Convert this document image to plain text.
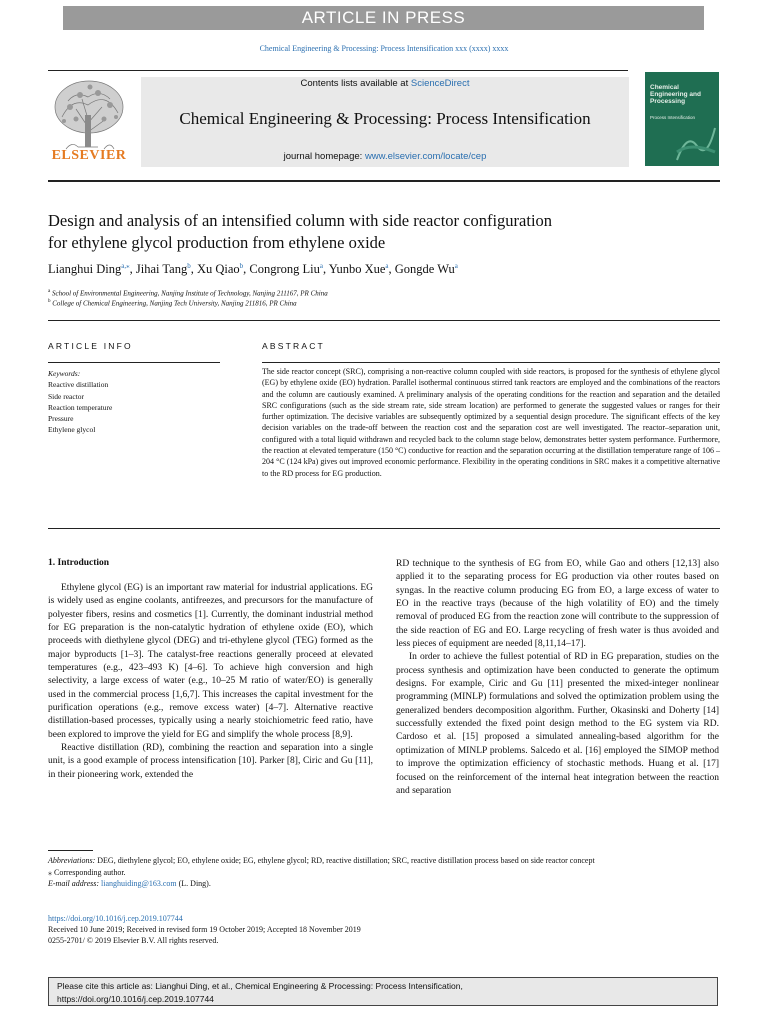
ARTICLE IN PRESS
Chemical Engineering & Processing: Process Intensification xxx (xxxx) xxxx
ELSEVIER
Contents lists available at ScienceDirect
Chemical Engineering & Processing: Process Intensification
journal homepage: www.elsevier.com/locate/cep
Chemical Engineering and Processing
Process Intensification
Design and analysis of an intensified column with side reactor configuration
for ethylene glycol production from ethylene oxide
Lianghui Ding$^{a,⁎}$, Jihai Tang$^b$, Xu Qiao$^b$, Congrong Liu$^a$, Yunbo Xue$^a$, Gongde Wu$^a$
$^a$ School of Environmental Engineering, Nanjing Institute of Technology, Nanjing 211167, PR China
$^b$ College of Chemical Engineering, Nanjing Tech University, Nanjing 211816, PR China
ARTICLE INFO
Keywords:
Reactive distillation
Side reactor
Reaction temperature
Pressure
Ethylene glycol
ABSTRACT
The side reactor concept (SRC), comprising a non-reactive column coupled with side reactors, is proposed for the synthesis of ethylene glycol (EG) by ethylene oxide (EO) hydration. Parallel isothermal continuous stirred tank reactors are employed and the combinations of the reactors and the column are cautiously examined. A preliminary analysis of the operating conditions for the reaction and separation and the detailed SRC configurations (such as the side stream rate, side stream location) are performed to generate the suggested values or ranges for their further optimization. The decisive variables are subsequently optimized by a sequential design procedure. The significant effects of the key decision variables on the trade-off between the reaction cost and the separation cost are well investigated. The reactor–separation unit, configured with a total liquid withdrawn and recycled back to the column stage below, demonstrates better system performance. Furthermore, the reaction at elevated temperature (150 °C) conductive for reaction and the separation occurring at the distillation temperature range of 106 – 204 °C (124 kPa) gives out improved economic performance. Flexibility in the operating conditions in SRC makes it a competitive alternative to the RD process for EG production.
1. Introduction

Ethylene glycol (EG) is an important raw material for industrial applications. EG is widely used as engine coolants, antifreezes, and precursors for the manufacture of polyester fibers, resins and cosmetics [1]. Currently, the dominant industrial method for EG preparation is the non-catalytic hydration of ethylene oxide (EO), which proceeds with diethylene glycol (DEG) and tri-ethylene glycol (TEG) formed as the major byproducts [1–3]. The catalyst-free reactions generally proceed at elevated temperatures (e.g., 423–493 K) [4–6]. To achieve high conversion and high selectivity, a large excess of water (e.g., 10–25 M ratio of water/EO) is generally used in the commercial process [1,6,7]. This increases the capital investment for the purification operations (e.g., remove excess water) [4–7]. Alternative reactive distillation-based processes, typically using a nearly stoichiometric feed ratio, have been explored to improve the yield for EG and simplify the whole process [8,9].

Reactive distillation (RD), combining the reaction and separation into a single unit, is a good example of process intensification [10]. Parker [8], Ciric and Gu [11], in their pioneering work, extended the

RD technique to the synthesis of EG from EO, while Gao and others [12,13] also applied it to the separating process for EG production via other routes based on syngas. In the reactive column producing EG from EO, a large excess of water to EO in the reactive trays (because of the high volatility of EO) and the timely removal of produced EG from the reaction zone will contribute to the suppression of the side reaction of EG and EO. Large recycling of fresh water is thus avoided and less pieces of equipment are needed [8,11,14–17].

In order to achieve the fullest potential of RD in EG preparation, studies on the process synthesis and optimization have been conducted to generate the optimum designs. For example, Ciric and Gu [11] presented the mixed-integer nonlinear programming (MINLP) formulations and solved the optimization problem using the generalized benders decomposition algorithm. Further, Okasinski and Doherty [14] successfully extended the fixed point design method to the EG system via RD. Cardoso et al. [15] proposed a simulated annealing-based algorithm for the optimization of MINLP problems. Salcedo et al. [16] employed the SIMOP method to improve the optimization efficiency of stochastic methods. Huang et al. [17] focused on the reinforcement of the internal heat integration between the reaction and separation

Abbreviations: DEG, diethylene glycol; EO, ethylene oxide; EG, ethylene glycol; RD, reactive distillation; SRC, reactive distillation process based on side reactor concept
⁎ Corresponding author.
E-mail address: lianghuiding@163.com (L. Ding).
https://doi.org/10.1016/j.cep.2019.107744
Received 10 June 2019; Received in revised form 19 October 2019; Accepted 18 November 2019
0255-2701/ © 2019 Elsevier B.V. All rights reserved.
Please cite this article as: Lianghui Ding, et al., Chemical Engineering & Processing: Process Intensification,
https://doi.org/10.1016/j.cep.2019.107744
